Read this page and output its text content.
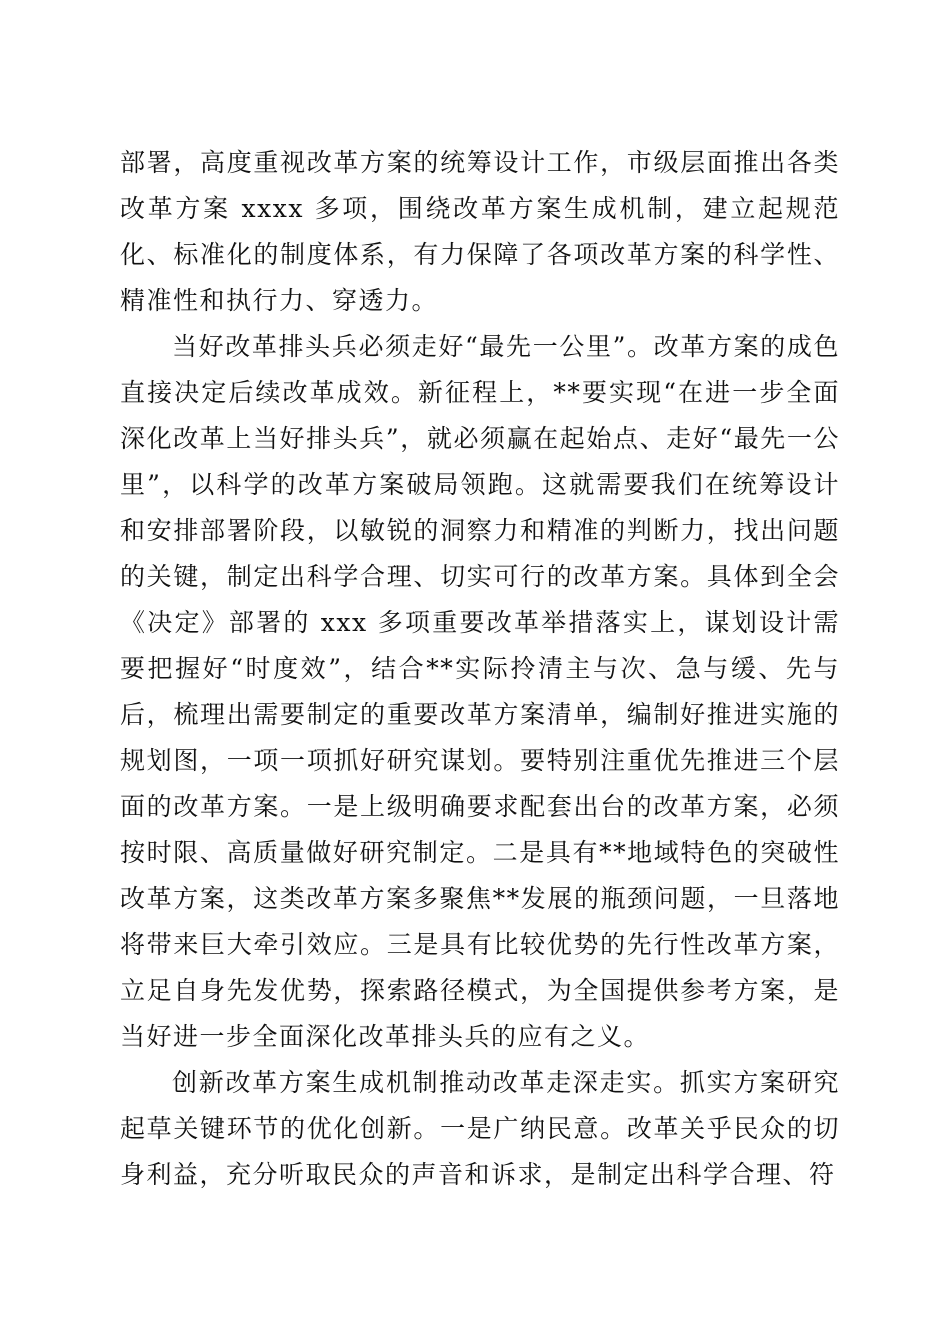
部署，高度重视改革方案的统筹设计工作，市级层面推出各类改革方案 xxxx 多项，围绕改革方案生成机制，建立起规范化、标准化的制度体系，有力保障了各项改革方案的科学性、精准性和执行力、穿透力。

当好改革排头兵必须走好“最先一公里”。改革方案的成色直接决定后续改革成效。新征程上，**要实现“在进一步全面深化改革上当好排头兵”，就必须赢在起始点、走好“最先一公里”，以科学的改革方案破局领跑。这就需要我们在统筹设计和安排部署阶段，以敏锐的洞察力和精准的判断力，找出问题的关键，制定出科学合理、切实可行的改革方案。具体到全会《决定》部署的 xxx 多项重要改革举措落实上，谋划设计需要把握好“时度效”，结合**实际拎清主与次、急与缓、先与后，梳理出需要制定的重要改革方案清单，编制好推进实施的规划图，一项一项抓好研究谋划。要特别注重优先推进三个层面的改革方案。一是上级明确要求配套出台的改革方案，必须按时限、高质量做好研究制定。二是具有**地域特色的突破性改革方案，这类改革方案多聚焦**发展的瓶颈问题，一旦落地将带来巨大牵引效应。三是具有比较优势的先行性改革方案，立足自身先发优势，探索路径模式，为全国提供参考方案，是当好进一步全面深化改革排头兵的应有之义。

创新改革方案生成机制推动改革走深走实。抓实方案研究起草关键环节的优化创新。一是广纳民意。改革关乎民众的切身利益，充分听取民众的声音和诉求，是制定出科学合理、符
